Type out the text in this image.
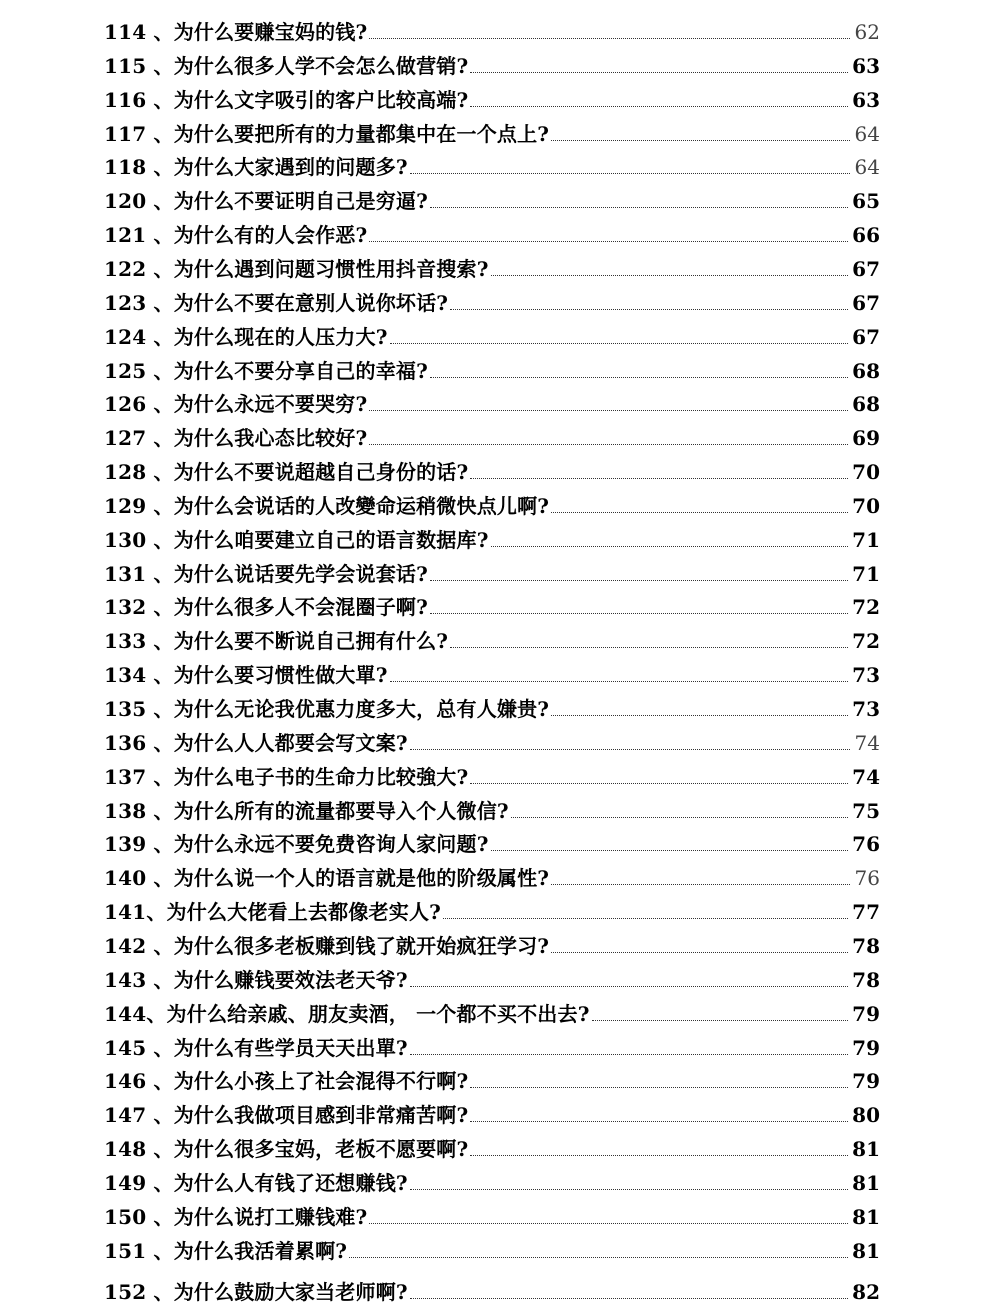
114 、为什么要赚宝妈的钱?	62
115 、为什么很多人学不会怎么做营销?	63
116 、为什么文字吸引的客户比较高端?	63
117 、为什么要把所有的力量都集中在一个点上?	64
118 、为什么大家遇到的问题多?	64
120 、为什么不要证明自己是穷逼?	65
121 、为什么有的人会作恶?	66
122 、为什么遇到问题习惯性用抖音搜索?	67
123 、为什么不要在意别人说你坏话?	67
124 、为什么现在的人压力大?	67
125 、为什么不要分享自己的幸福?	68
126 、为什么永远不要哭穷?	68
127 、为什么我心态比较好?	69
128 、为什么不要说超越自己身份的话?	70
129 、为什么会说话的人改變命运稍微快点儿啊?	70
130 、为什么咱要建立自己的语言数据库?	71
131 、为什么说话要先学会说套话?	71
132 、为什么很多人不会混圈子啊?	72
133 、为什么要不断说自己拥有什么?	72
134 、为什么要习惯性做大單?	73
135 、为什么无论我优惠力度多大，总有人嫌贵?	73
136 、为什么人人都要会写文案?	74
137 、为什么电子书的生命力比较強大?	74
138 、为什么所有的流量都要导入个人微信?	75
139 、为什么永远不要免费咨询人家问题?	76
140 、为什么说一个人的语言就是他的阶级属性?	76
141、为什么大佬看上去都像老实人?	77
142 、为什么很多老板赚到钱了就开始疯狂学习?	78
143 、为什么赚钱要效法老天爷?	78
144、为什么给亲戚、朋友卖酒， 一个都不买不出去?	79
145 、为什么有些学员天天出單?	79
146 、为什么小孩上了社会混得不行啊?	79
147 、为什么我做项目感到非常痛苦啊?	80
148 、为什么很多宝妈，老板不愿要啊?	81
149 、为什么人有钱了还想赚钱?	81
150 、为什么说打工赚钱难?	81
151 、为什么我活着累啊?	81
152 、为什么鼓励大家当老师啊?	82
